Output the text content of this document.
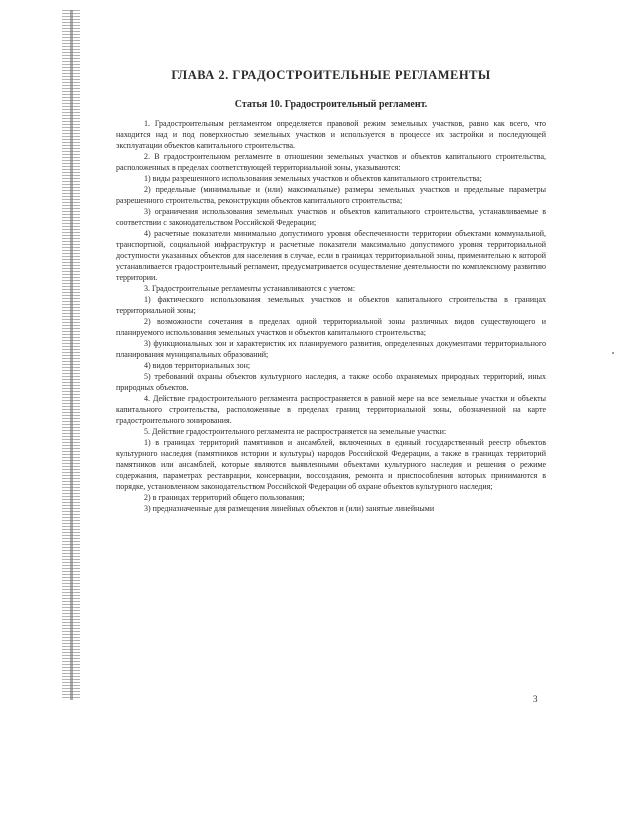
ГЛАВА 2. ГРАДОСТРОИТЕЛЬНЫЕ РЕГЛАМЕНТЫ
Статья 10. Градостроительный регламент.

1. Градостроительным регламентом определяется правовой режим земельных участков, равно как всего, что находится над и под поверхностью земельных участков и используется в процессе их застройки и последующей эксплуатации объектов капитального строительства.

2. В градостроительном регламенте в отношении земельных участков и объектов капитального строительства, расположенных в пределах соответствующей территориальной зоны, указываются:

1) виды разрешенного использования земельных участков и объектов капитального строительства;

2) предельные (минимальные и (или) максимальные) размеры земельных участков и предельные параметры разрешенного строительства, реконструкции объектов капитального строительства;

3) ограничения использования земельных участков и объектов капитального строительства, устанавливаемые в соответствии с законодательством Российской Федерации;

4) расчетные показатели минимально допустимого уровня обеспеченности территории объектами коммунальной, транспортной, социальной инфраструктур и расчетные показатели максимально допустимого уровня территориальной доступности указанных объектов для населения в случае, если в границах территориальной зоны, применительно к которой устанавливается градостроительный регламент, предусматривается осуществление деятельности по комплексному развитию территории.

3. Градостроительные регламенты устанавливаются с учетом:

1) фактического использования земельных участков и объектов капитального строительства в границах территориальной зоны;

2) возможности сочетания в пределах одной территориальной зоны различных видов существующего и планируемого использования земельных участков и объектов капитального строительства;

3) функциональных зон и характеристик их планируемого развития, определенных документами территориального планирования муниципальных образований;

4) видов территориальных зон;

5) требований охраны объектов культурного наследия, а также особо охраняемых природных территорий, иных природных объектов.

4. Действие градостроительного регламента распространяется в равной мере на все земельные участки и объекты капитального строительства, расположенные в пределах границ территориальной зоны, обозначенной на карте градостроительного зонирования.

5. Действие градостроительного регламента не распространяется на земельные участки:

1) в границах территорий памятников и ансамблей, включенных в единый государственный реестр объектов культурного наследия (памятников истории и культуры) народов Российской Федерации, а также в границах территорий памятников или ансамблей, которые являются выявленными объектами культурного наследия и решения о режиме содержания, параметрах реставрации, консервации, воссоздания, ремонта и приспособления которых принимаются в порядке, установленном законодательством Российской Федерации об охране объектов культурного наследия;

2) в границах территорий общего пользования;

3) предназначенные для размещения линейных объектов и (или) занятые линейными

3
